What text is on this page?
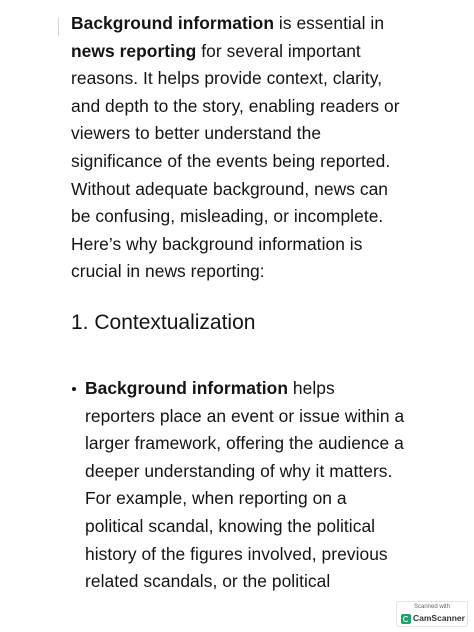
Background information is essential in
news reporting for several important
reasons. It helps provide context, clarity,
and depth to the story, enabling readers or
viewers to better understand the
significance of the events being reported.
Without adequate background, news can
be confusing, misleading, or incomplete.
Here’s why background information is
crucial in news reporting:
1. Contextualization
Background information helps
reporters place an event or issue within a
larger framework, offering the audience a
deeper understanding of why it matters.
For example, when reporting on a
political scandal, knowing the political
history of the figures involved, previous
related scandals, or the political
Scanned with
CamScanner
